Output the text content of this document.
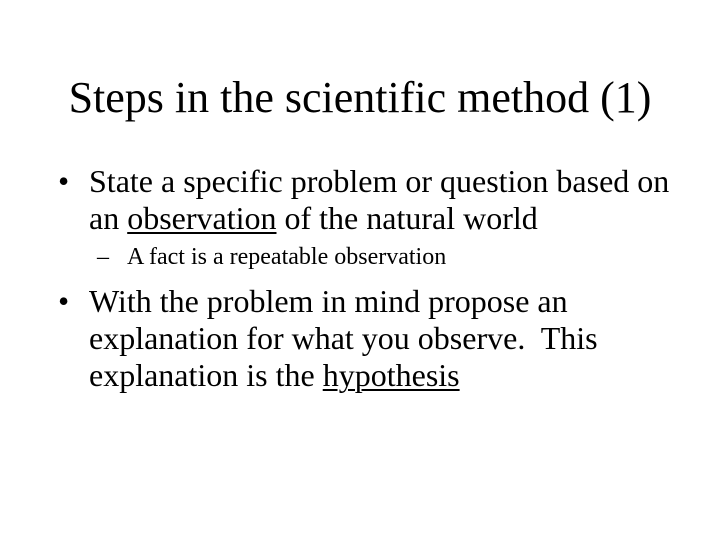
Steps in the scientific method (1)
• State a specific problem or question based on an observation of the natural world
– A fact is a repeatable observation
• With the problem in mind propose an explanation for what you observe.  This explanation is the hypothesis
